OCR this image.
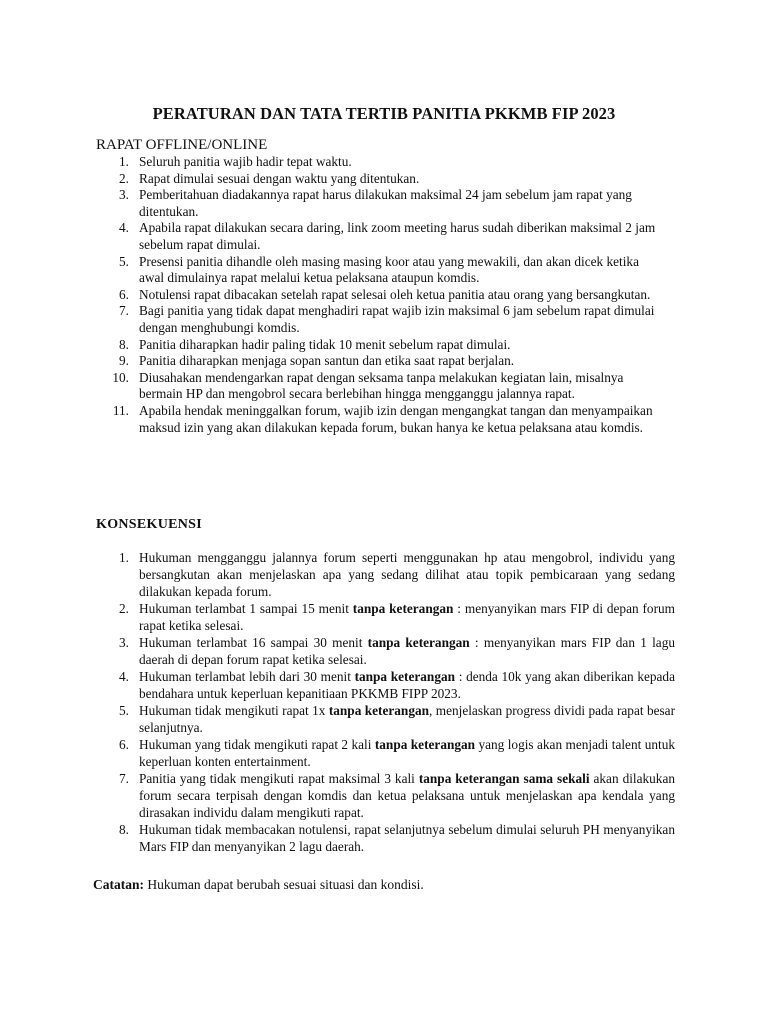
PERATURAN DAN TATA TERTIB PANITIA PKKMB FIP 2023
RAPAT OFFLINE/ONLINE
1. Seluruh panitia wajib hadir tepat waktu.
2. Rapat dimulai sesuai dengan waktu yang ditentukan.
3. Pemberitahuan diadakannya rapat harus dilakukan maksimal 24 jam sebelum jam rapat yang ditentukan.
4. Apabila rapat dilakukan secara daring, link zoom meeting harus sudah diberikan maksimal 2 jam sebelum rapat dimulai.
5. Presensi panitia dihandle oleh masing masing koor atau yang mewakili, dan akan dicek ketika awal dimulainya rapat melalui ketua pelaksana ataupun komdis.
6. Notulensi rapat dibacakan setelah rapat selesai oleh ketua panitia atau orang yang bersangkutan.
7. Bagi panitia yang tidak dapat menghadiri rapat wajib izin maksimal 6 jam sebelum rapat dimulai dengan menghubungi komdis.
8. Panitia diharapkan hadir paling tidak 10 menit sebelum rapat dimulai.
9. Panitia diharapkan menjaga sopan santun dan etika saat rapat berjalan.
10. Diusahakan mendengarkan rapat dengan seksama tanpa melakukan kegiatan lain, misalnya bermain HP dan mengobrol secara berlebihan hingga mengganggu jalannya rapat.
11. Apabila hendak meninggalkan forum, wajib izin dengan mengangkat tangan dan menyampaikan maksud izin yang akan dilakukan kepada forum, bukan hanya ke ketua pelaksana atau komdis.
KONSEKUENSI
1. Hukuman mengganggu jalannya forum seperti menggunakan hp atau mengobrol, individu yang bersangkutan akan menjelaskan apa yang sedang dilihat atau topik pembicaraan yang sedang dilakukan kepada forum.
2. Hukuman terlambat 1 sampai 15 menit tanpa keterangan : menyanyikan mars FIP di depan forum rapat ketika selesai.
3. Hukuman terlambat 16 sampai 30 menit tanpa keterangan : menyanyikan mars FIP dan 1 lagu daerah di depan forum rapat ketika selesai.
4. Hukuman terlambat lebih dari 30 menit tanpa keterangan : denda 10k yang akan diberikan kepada bendahara untuk keperluan kepanitiaan PKKMB FIPP 2023.
5. Hukuman tidak mengikuti rapat 1x tanpa keterangan, menjelaskan progress dividi pada rapat besar selanjutnya.
6. Hukuman yang tidak mengikuti rapat 2 kali tanpa keterangan yang logis akan menjadi talent untuk keperluan konten entertainment.
7. Panitia yang tidak mengikuti rapat maksimal 3 kali tanpa keterangan sama sekali akan dilakukan forum secara terpisah dengan komdis dan ketua pelaksana untuk menjelaskan apa kendala yang dirasakan individu dalam mengikuti rapat.
8. Hukuman tidak membacakan notulensi, rapat selanjutnya sebelum dimulai seluruh PH menyanyikan Mars FIP dan menyanyikan 2 lagu daerah.
Catatan: Hukuman dapat berubah sesuai situasi dan kondisi.
